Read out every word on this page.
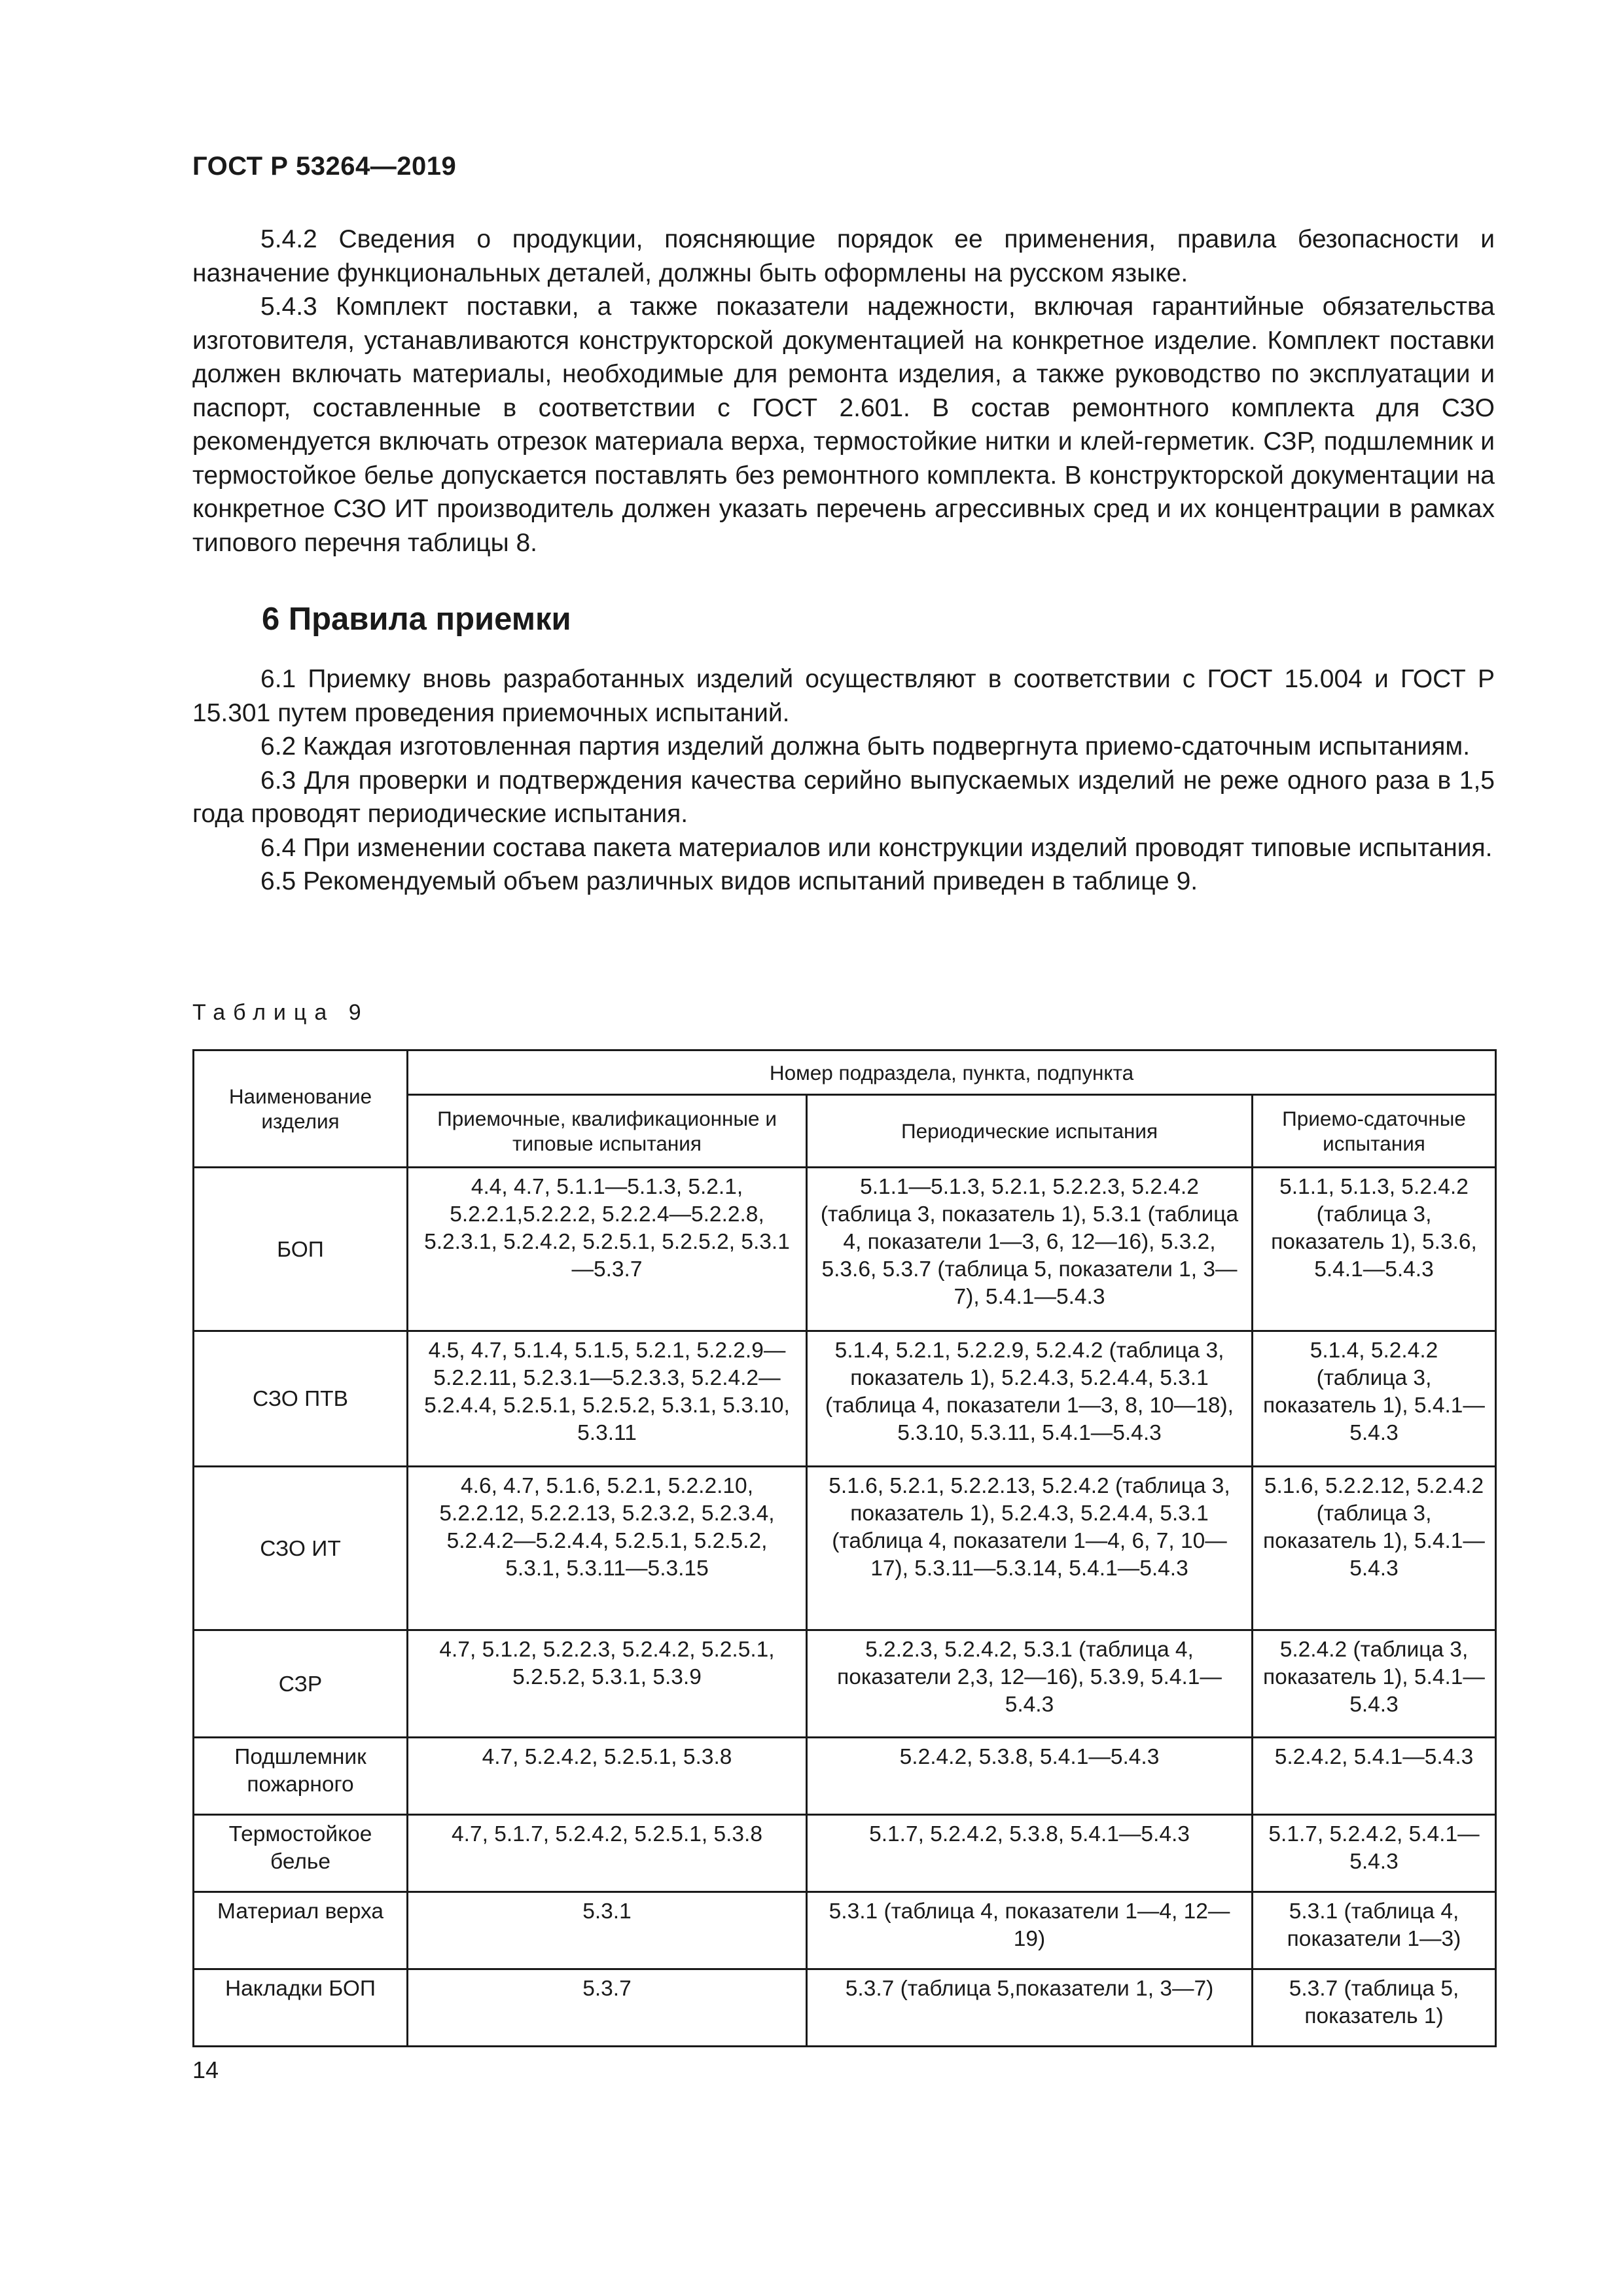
ГОСТ Р 53264—2019

5.4.2 Сведения о продукции, поясняющие порядок ее применения, правила безопасности и назначение функциональных деталей, должны быть оформлены на русском языке.

5.4.3 Комплект поставки, а также показатели надежности, включая гарантийные обязательства изготовителя, устанавливаются конструкторской документацией на конкретное изделие. Комплект поставки должен включать материалы, необходимые для ремонта изделия, а также руководство по эксплуатации и паспорт, составленные в соответствии с ГОСТ 2.601. В состав ремонтного комплекта для СЗО рекомендуется включать отрезок материала верха, термостойкие нитки и клей-герметик. СЗР, подшлемник и термостойкое белье допускается поставлять без ремонтного комплекта. В конструкторской документации на конкретное СЗО ИТ производитель должен указать перечень агрессивных сред и их концентрации в рамках типового перечня таблицы 8.

6 Правила приемки

6.1 Приемку вновь разработанных изделий осуществляют в соответствии с ГОСТ 15.004 и ГОСТ Р 15.301 путем проведения приемочных испытаний.

6.2 Каждая изготовленная партия изделий должна быть подвергнута приемо-сдаточным испытаниям.

6.3 Для проверки и подтверждения качества серийно выпускаемых изделий не реже одного раза в 1,5 года проводят периодические испытания.

6.4 При изменении состава пакета материалов или конструкции изделий проводят типовые испытания.

6.5 Рекомендуемый объем различных видов испытаний приведен в таблице 9.

Таблица 9
Наименование изделия	Номер подраздела, пункта, подпункта		
	Приемочные, квалификационные и типовые испытания	Периодические испытания	Приемо-сдаточные испытания
БОП	4.4, 4.7, 5.1.1—5.1.3, 5.2.1, 5.2.2.1,5.2.2.2, 5.2.2.4—5.2.2.8, 5.2.3.1, 5.2.4.2, 5.2.5.1, 5.2.5.2, 5.3.1—5.3.7	5.1.1—5.1.3, 5.2.1, 5.2.2.3, 5.2.4.2 (таблица 3, показатель 1), 5.3.1 (таблица 4, показатели 1—3, 6, 12—16), 5.3.2, 5.3.6, 5.3.7 (таблица 5, показатели 1, 3—7), 5.4.1—5.4.3	5.1.1, 5.1.3, 5.2.4.2 (таблица 3, показатель 1), 5.3.6, 5.4.1—5.4.3
СЗО ПТВ	4.5, 4.7, 5.1.4, 5.1.5, 5.2.1, 5.2.2.9—5.2.2.11, 5.2.3.1—5.2.3.3, 5.2.4.2—5.2.4.4, 5.2.5.1, 5.2.5.2, 5.3.1, 5.3.10, 5.3.11	5.1.4, 5.2.1, 5.2.2.9, 5.2.4.2 (таблица 3, показатель 1), 5.2.4.3, 5.2.4.4, 5.3.1 (таблица 4, показатели 1—3, 8, 10—18), 5.3.10, 5.3.11, 5.4.1—5.4.3	5.1.4, 5.2.4.2 (таблица 3, показатель 1), 5.4.1—5.4.3
СЗО ИТ	4.6, 4.7, 5.1.6, 5.2.1, 5.2.2.10, 5.2.2.12, 5.2.2.13, 5.2.3.2, 5.2.3.4, 5.2.4.2—5.2.4.4, 5.2.5.1, 5.2.5.2, 5.3.1, 5.3.11—5.3.15	5.1.6, 5.2.1, 5.2.2.13, 5.2.4.2 (таблица 3, показатель 1), 5.2.4.3, 5.2.4.4, 5.3.1 (таблица 4, показатели 1—4, 6, 7, 10—17), 5.3.11—5.3.14, 5.4.1—5.4.3	5.1.6, 5.2.2.12, 5.2.4.2 (таблица 3, показатель 1), 5.4.1—5.4.3
СЗР	4.7, 5.1.2, 5.2.2.3, 5.2.4.2, 5.2.5.1, 5.2.5.2, 5.3.1, 5.3.9	5.2.2.3, 5.2.4.2, 5.3.1 (таблица 4, показатели 2,3, 12—16), 5.3.9, 5.4.1—5.4.3	5.2.4.2 (таблица 3, показатель 1), 5.4.1—5.4.3
Подшлемник пожарного	4.7, 5.2.4.2, 5.2.5.1, 5.3.8	5.2.4.2, 5.3.8, 5.4.1—5.4.3	5.2.4.2, 5.4.1—5.4.3
Термостойкое белье	4.7, 5.1.7, 5.2.4.2, 5.2.5.1, 5.3.8	5.1.7, 5.2.4.2, 5.3.8, 5.4.1—5.4.3	5.1.7, 5.2.4.2, 5.4.1—5.4.3
Материал верха	5.3.1	5.3.1 (таблица 4, показатели 1—4, 12—19)	5.3.1 (таблица 4, показатели 1—3)
Накладки БОП	5.3.7	5.3.7 (таблица 5,показатели 1, 3—7)	5.3.7 (таблица 5, показатель 1)
14
